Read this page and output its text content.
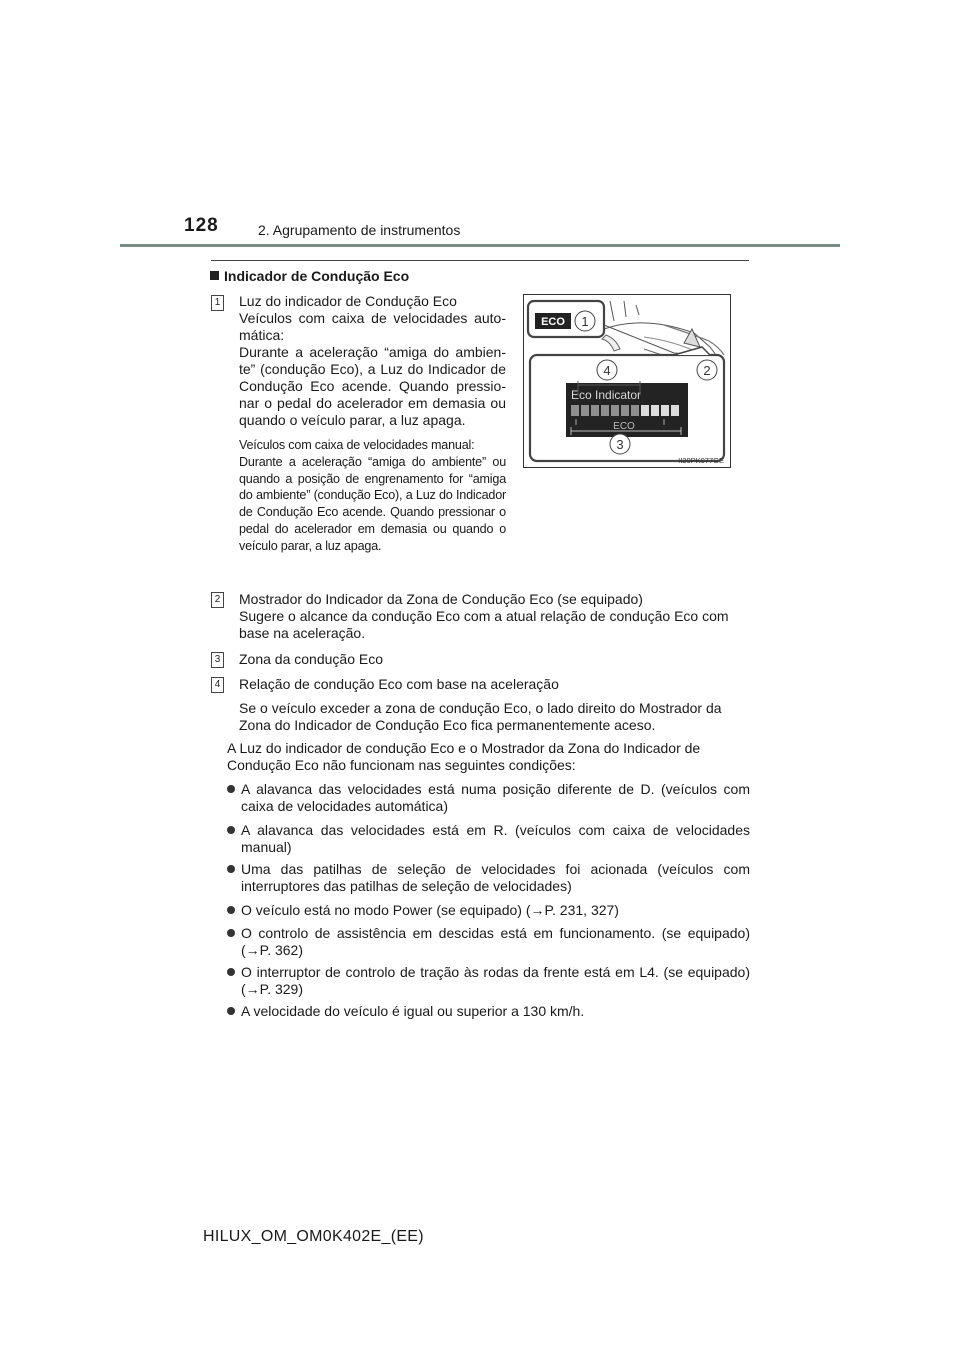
128	2. Agrupamento de instrumentos
Indicador de Condução Eco
1 Luz do indicador de Condução Eco
Veículos com caixa de velocidades auto-mática:
Durante a aceleração “amiga do ambien-te” (condução Eco), a Luz do Indicador de Condução Eco acende. Quando pressio-nar o pedal do acelerador em demasia ou quando o veículo parar, a luz apaga.
Veículos com caixa de velocidades manual:
Durante a aceleração “amiga do ambiente” ou quando a posição de engrenamento for “amiga do ambiente” (condução Eco), a Luz do Indicador de Condução Eco acende. Quando pressionar o pedal do acelerador em demasia ou quando o veículo parar, a luz apaga.
ECO 1
4	2
Eco Indicator
ECO
3
II20PK077GE
2 Mostrador do Indicador da Zona de Condução Eco (se equipado)
Sugere o alcance da condução Eco com a atual relação de condução Eco com base na aceleração.
3 Zona da condução Eco
4 Relação de condução Eco com base na aceleração
Se o veículo exceder a zona de condução Eco, o lado direito do Mostrador da Zona do Indicador de Condução Eco fica permanentemente aceso.
A Luz do indicador de condução Eco e o Mostrador da Zona do Indicador de Condução Eco não funcionam nas seguintes condições:
A alavanca das velocidades está numa posição diferente de D. (veículos com caixa de velocidades automática)
A alavanca das velocidades está em R. (veículos com caixa de velocidades manual)
Uma das patilhas de seleção de velocidades foi acionada (veículos com interruptores das patilhas de seleção de velocidades)
O veículo está no modo Power (se equipado) (→P. 231, 327)
O controlo de assistência em descidas está em funcionamento. (se equipado) (→P. 362)
O interruptor de controlo de tração às rodas da frente está em L4. (se equipado) (→P. 329)
A velocidade do veículo é igual ou superior a 130 km/h.
HILUX_OM_OM0K402E_(EE)
